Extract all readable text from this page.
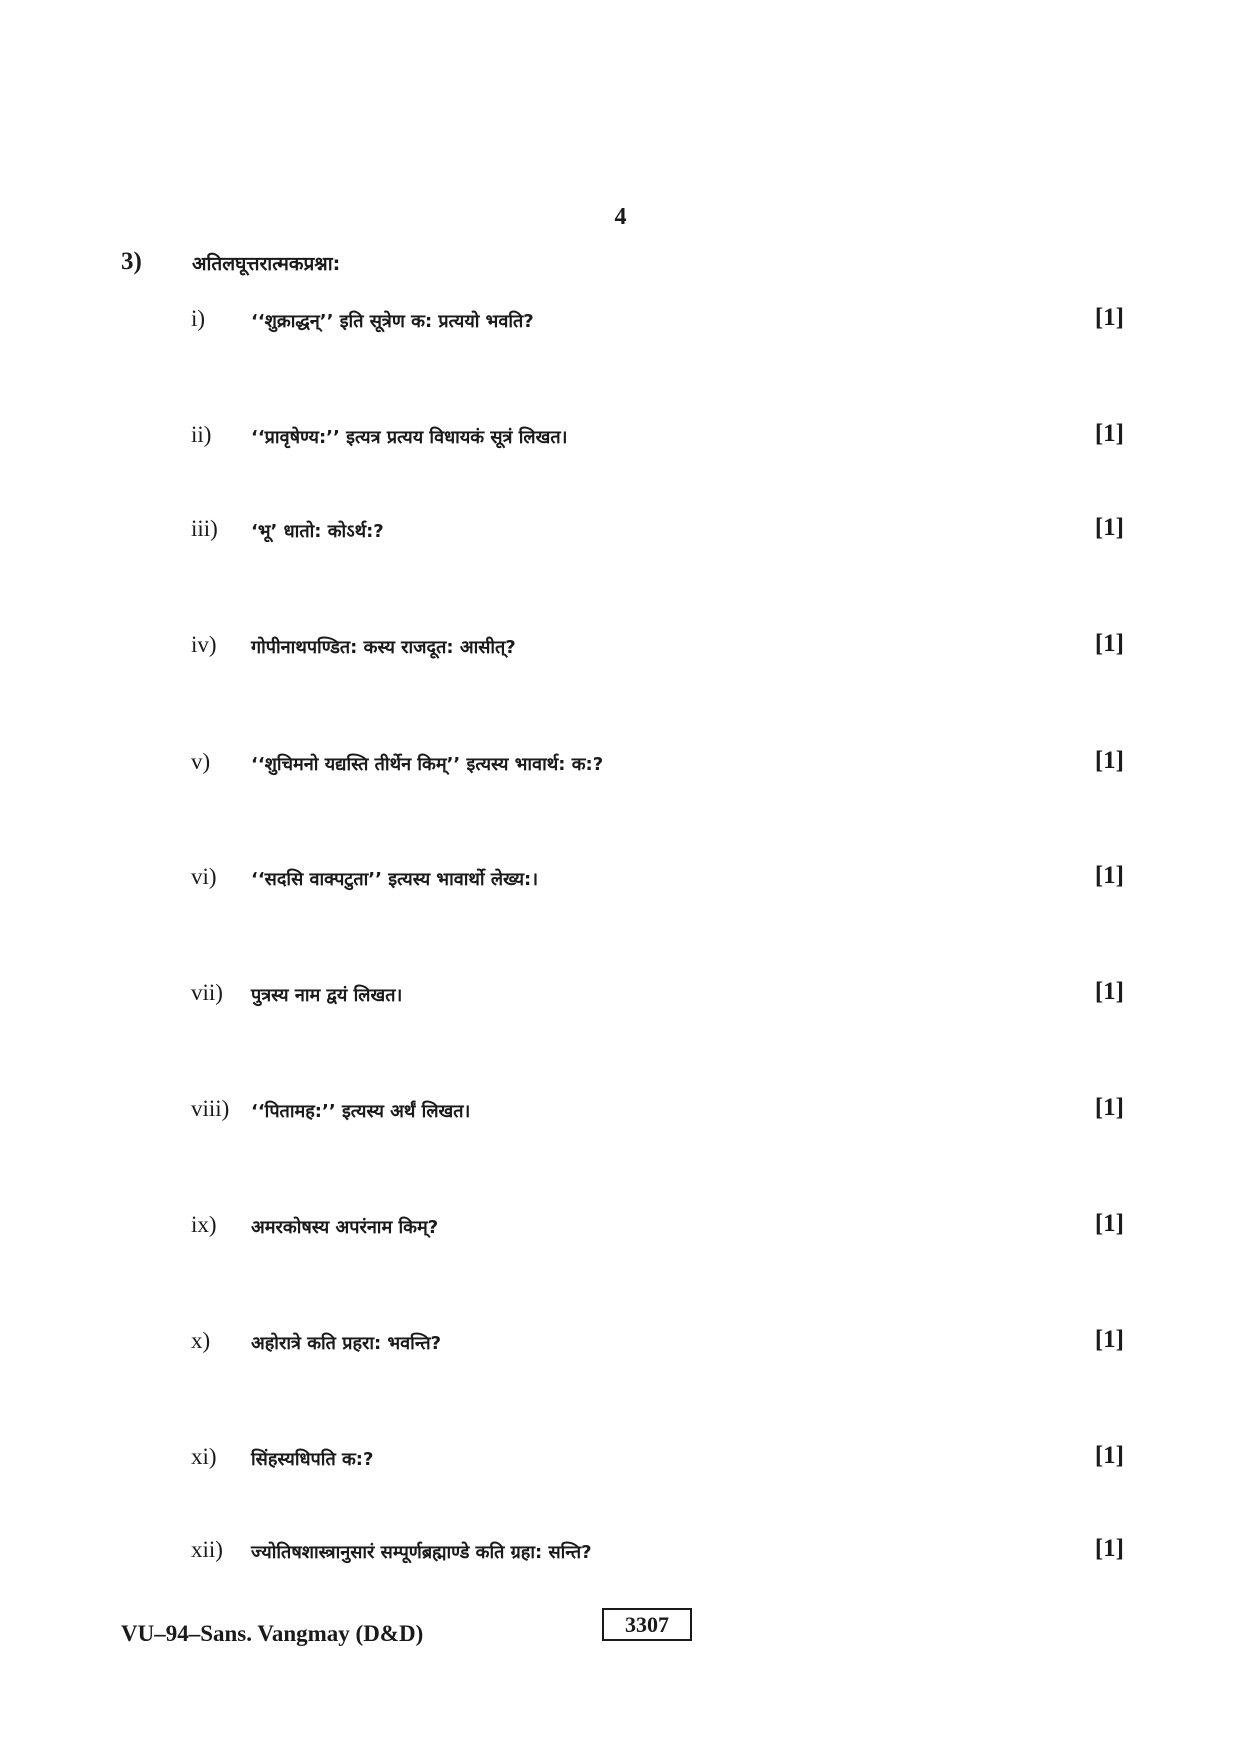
4
3)	अतिलघूत्तरात्मकप्रश्ना:
i)	‘‘शुक्राद्धन्’’ इति सूत्रेण क: प्रत्ययो भवति?	[1]
ii) ‘‘प्रावृषेण्य:’’ इत्यत्र प्रत्यय विधायकं सूत्रं लिखत।	[1]
iii) ‘भू’ धातो: कोऽर्थ:?	[1]
iv) गोपीनाथपण्डित: कस्य राजदूत: आसीत्?	[1]
v) ‘‘शुचिमनो यद्यस्ति तीर्थेन किम्’’ इत्यस्य भावार्थ: क:?	[1]
vi) ‘‘सदसि वाक्पटुता’’ इत्यस्य भावार्थो लेख्य:।	[1]
vii) पुत्रस्य नाम द्वयं लिखत।	[1]
viii) ‘‘पितामह:’’ इत्यस्य अर्थं लिखत।	[1]
ix) अमरकोषस्य अपरंनाम किम्?	[1]
x) अहोरात्रे कति प्रहरा: भवन्ति?	[1]
xi) सिंहस्यधिपति क:?	[1]
xii) ज्योतिषशास्त्रानुसारं सम्पूर्णब्रह्माण्डे कति ग्रहा: सन्ति?	[1]
VU–94–Sans. Vangmay (D&D)	3307
